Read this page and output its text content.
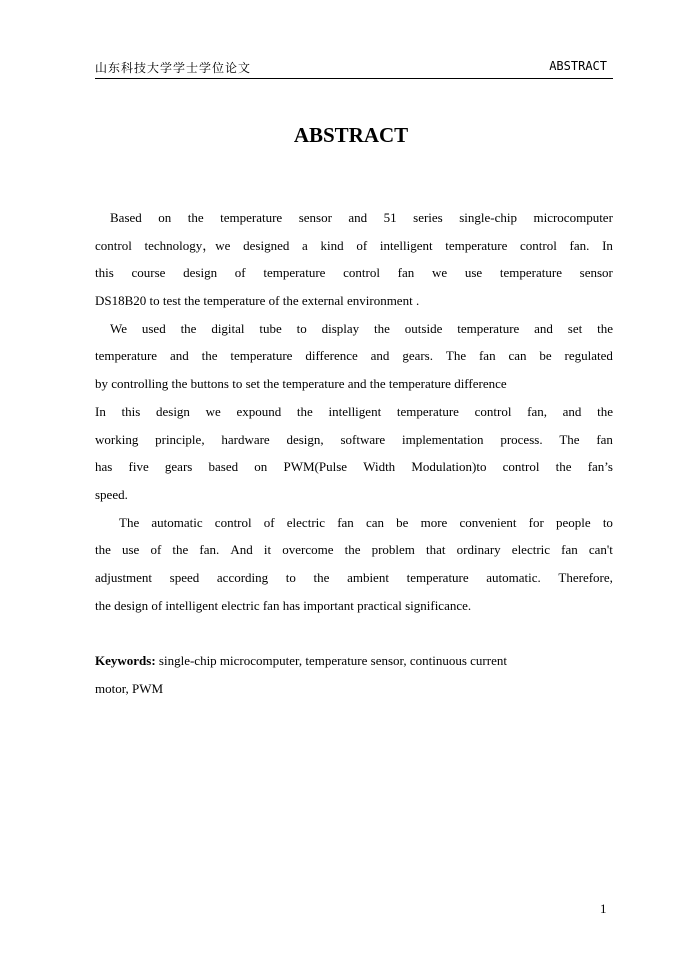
山东科技大学学士学位论文	ABSTRACT
ABSTRACT
Based on the temperature sensor and 51 series single-chip microcomputer
control technology，we designed a kind of intelligent temperature control fan. In
this course design of temperature control fan we use temperature sensor
DS18B20 to test the temperature of the external environment .
We used the digital tube to display the outside temperature and set the
temperature and the temperature difference and gears. The fan can be regulated
by controlling the buttons to set the temperature and the temperature difference
In this design we expound the intelligent temperature control fan, and the
working principle, hardware design, software implementation process. The fan
has five gears based on PWM(Pulse Width Modulation)to control the fan’s
speed.
The automatic control of electric fan can be more convenient for people to
the use of the fan. And it overcome the problem that ordinary electric fan can't
adjustment speed according to the ambient temperature automatic. Therefore,
the design of intelligent electric fan has important practical significance.
Keywords: single-chip microcomputer, temperature sensor, continuous current
motor, PWM
1
